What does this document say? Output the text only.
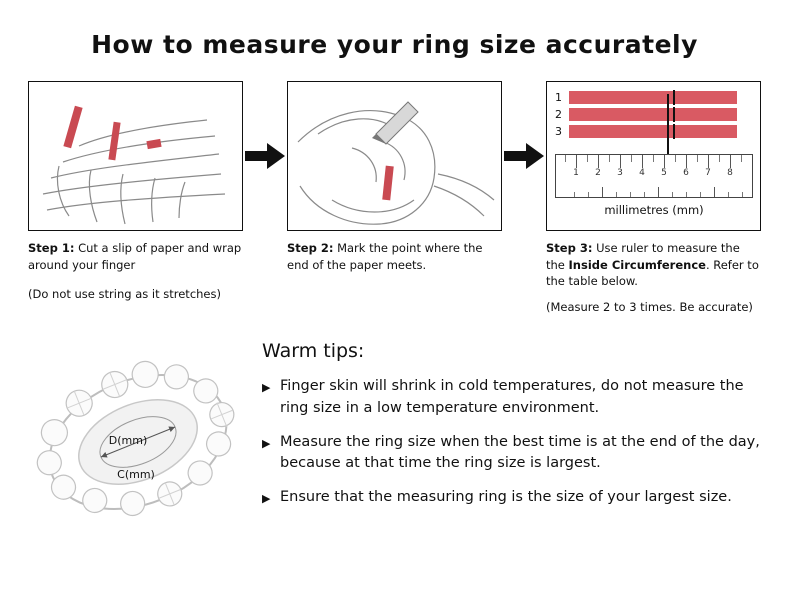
How to measure your ring size accurately
Step 1: Cut a slip of paper and wrap around your finger
(Do not use string as it stretches)
Step 2: Mark the point where the end of the paper meets.
1
2
3
1 2 3 4 5 6 7 8
millimetres (mm)
Step 3: Use ruler to measure the the Inside Circumference. Refer to the table below.
(Measure 2 to 3 times. Be accurate)
D(mm)
C(mm)
Warm tips:
▶ Finger skin will shrink in cold temperatures, do not measure the ring size in a low temperature environment.
▶ Measure the ring size when the best time is at the end of the day, because at that time the ring size is largest.
▶ Ensure that the measuring ring is the size of your largest size.
